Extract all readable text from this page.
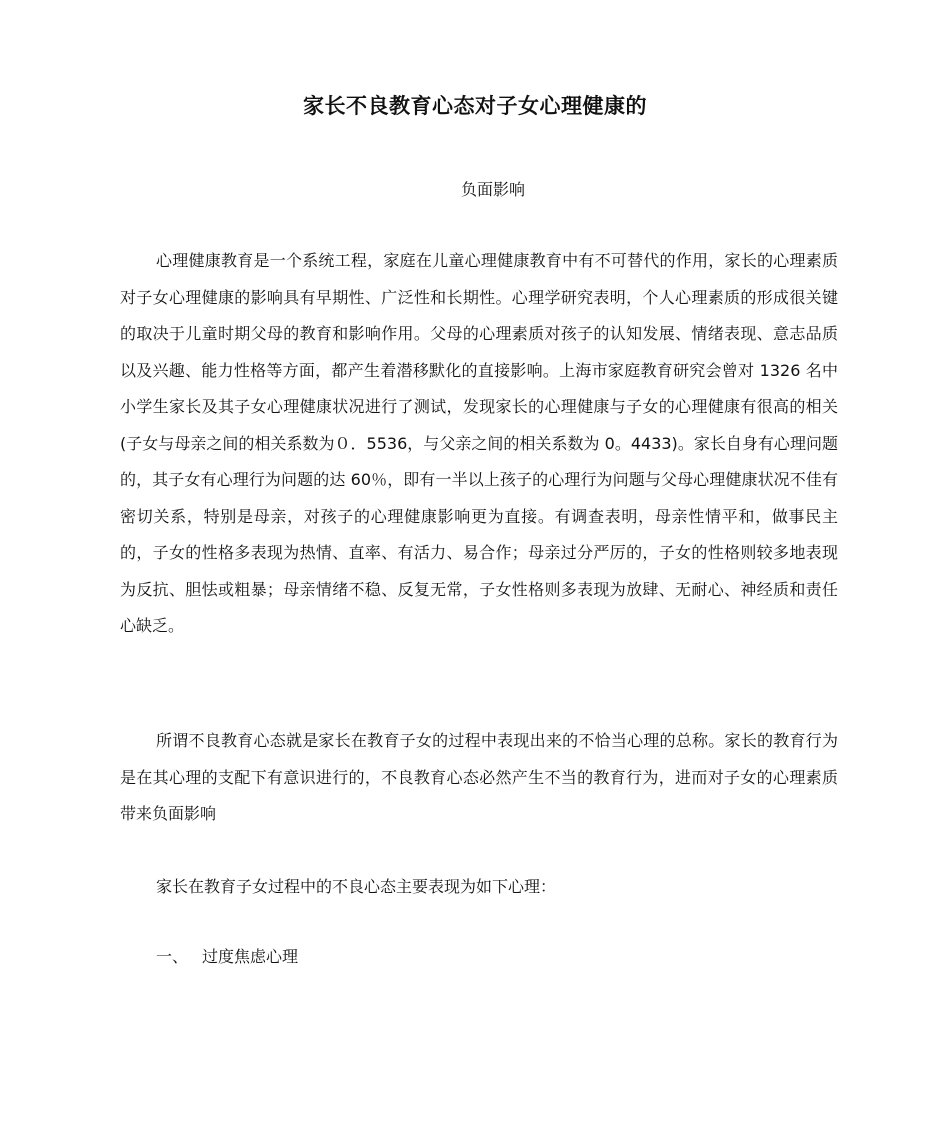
家长不良教育心态对子女心理健康的
负面影响

心理健康教育是一个系统工程，家庭在儿童心理健康教育中有不可替代的作用，家长的心理素质对子女心理健康的影响具有早期性、广泛性和长期性。心理学研究表明，个人心理素质的形成很关键的取决于儿童时期父母的教育和影响作用。父母的心理素质对孩子的认知发展、情绪表现、意志品质以及兴趣、能力性格等方面，都产生着潜移默化的直接影响。上海市家庭教育研究会曾对 1326 名中小学生家长及其子女心理健康状况进行了测试，发现家长的心理健康与子女的心理健康有很高的相关(子女与母亲之间的相关系数为０．5536，与父亲之间的相关系数为 0。4433)。家长自身有心理问题的，其子女有心理行为问题的达 60％，即有一半以上孩子的心理行为问题与父母心理健康状况不佳有密切关系，特别是母亲，对孩子的心理健康影响更为直接。有调查表明，母亲性情平和，做事民主的，子女的性格多表现为热情、直率、有活力、易合作；母亲过分严厉的，子女的性格则较多地表现为反抗、胆怯或粗暴；母亲情绪不稳、反复无常，子女性格则多表现为放肆、无耐心、神经质和责任心缺乏。

所谓不良教育心态就是家长在教育子女的过程中表现出来的不恰当心理的总称。家长的教育行为是在其心理的支配下有意识进行的，不良教育心态必然产生不当的教育行为，进而对子女的心理素质带来负面影响

家长在教育子女过程中的不良心态主要表现为如下心理：

一、 过度焦虑心理
